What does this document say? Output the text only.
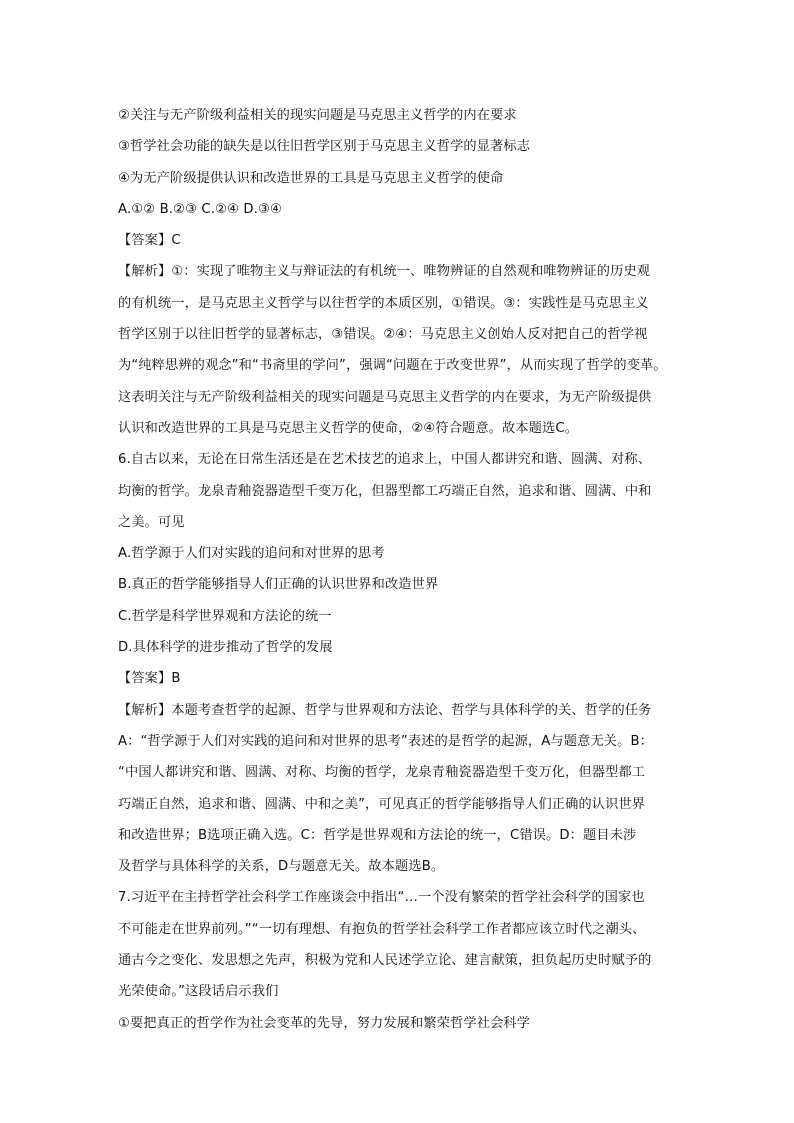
②关注与无产阶级利益相关的现实问题是马克思主义哲学的内在要求
③哲学社会功能的缺失是以往旧哲学区别于马克思主义哲学的显著标志
④为无产阶级提供认识和改造世界的工具是马克思主义哲学的使命
A.①② B.②③ C.②④ D.③④
【答案】C
【解析】①：实现了唯物主义与辩证法的有机统一、唯物辨证的自然观和唯物辨证的历史观
的有机统一，是马克思主义哲学与以往哲学的本质区别，①错误。③：实践性是马克思主义
哲学区别于以往旧哲学的显著标志，③错误。②④：马克思主义创始人反对把自己的哲学视
为“纯粹思辨的观念”和“书斋里的学问”，强调“问题在于改变世界”，从而实现了哲学的变革。
这表明关注与无产阶级利益相关的现实问题是马克思主义哲学的内在要求，为无产阶级提供
认识和改造世界的工具是马克思主义哲学的使命，②④符合题意。故本题选C。
6.自古以来，无论在日常生活还是在艺术技艺的追求上，中国人都讲究和谐、圆满、对称、
均衡的哲学。龙泉青釉瓷器造型千变万化，但器型都工巧端正自然，追求和谐、圆满、中和
之美。可见
A.哲学源于人们对实践的追问和对世界的思考
B.真正的哲学能够指导人们正确的认识世界和改造世界
C.哲学是科学世界观和方法论的统一
D.具体科学的进步推动了哲学的发展
【答案】B
【解析】本题考查哲学的起源、哲学与世界观和方法论、哲学与具体科学的关、哲学的任务
A：“哲学源于人们对实践的追问和对世界的思考”表述的是哲学的起源，A与题意无关。B：
“中国人都讲究和谐、圆满、对称、均衡的哲学，龙泉青釉瓷器造型千变万化，但器型都工
巧端正自然，追求和谐、圆满、中和之美”，可见真正的哲学能够指导人们正确的认识世界
和改造世界；B选项正确入选。C：哲学是世界观和方法论的统一，C错误。D：题目未涉
及哲学与具体科学的关系，D与题意无关。故本题选B。
7.习近平在主持哲学社会科学工作座谈会中指出“…一个没有繁荣的哲学社会科学的国家也
不可能走在世界前列。”“一切有理想、有抱负的哲学社会科学工作者都应该立时代之潮头、
通古今之变化、发思想之先声，积极为党和人民述学立论、建言献策，担负起历史时赋予的
光荣使命。”这段话启示我们
①要把真正的哲学作为社会变革的先导，努力发展和繁荣哲学社会科学
